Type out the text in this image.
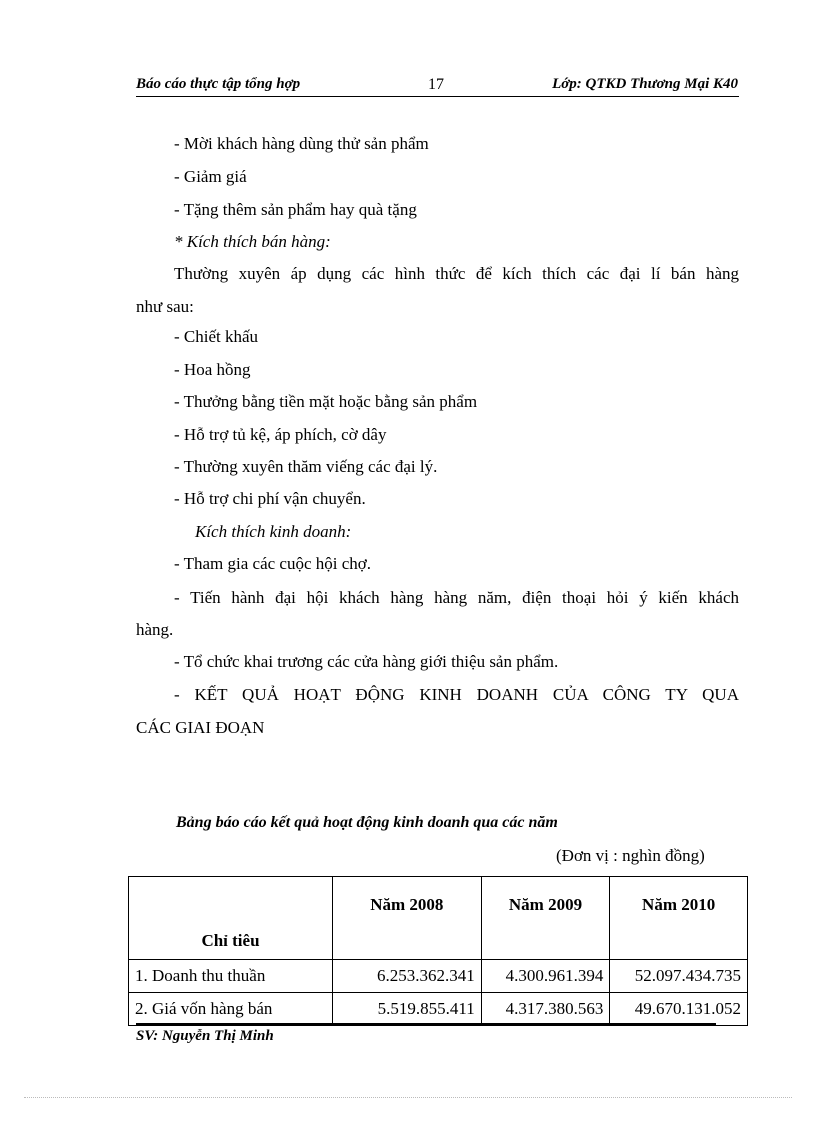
Báo cáo thực tập tổng hợp	17	Lớp: QTKD Thương Mại K40
- Mời khách hàng dùng thử sản phẩm
- Giảm giá
- Tặng thêm sản phẩm hay quà tặng
* Kích thích bán hàng:
Thường xuyên áp dụng các hình thức để kích thích các đại lí bán hàng
như sau:
- Chiết khấu
- Hoa hồng
- Thưởng bằng tiền mặt hoặc bằng sản phẩm
- Hỗ trợ tủ kệ, áp phích, cờ dây
- Thường xuyên thăm viếng các đại lý.
- Hỗ trợ chi phí vận chuyển.
Kích thích kinh doanh:
- Tham gia các cuộc hội chợ.
- Tiến hành đại hội khách hàng hàng năm, điện thoại hỏi ý kiến khách
hàng.
- Tổ chức khai trương các cửa hàng giới thiệu sản phẩm.
- KẾT QUẢ HOẠT ĐỘNG KINH DOANH CỦA CÔNG TY QUA
CÁC GIAI ĐOẠN
Bảng báo cáo kết quả hoạt động kinh doanh qua các năm
(Đơn vị : nghìn đồng)
Chỉ tiêu	Năm 2008	Năm 2009	Năm 2010
1. Doanh thu thuần	6.253.362.341	4.300.961.394	52.097.434.735
2. Giá vốn hàng bán	5.519.855.411	4.317.380.563	49.670.131.052
SV: Nguyễn Thị Minh
